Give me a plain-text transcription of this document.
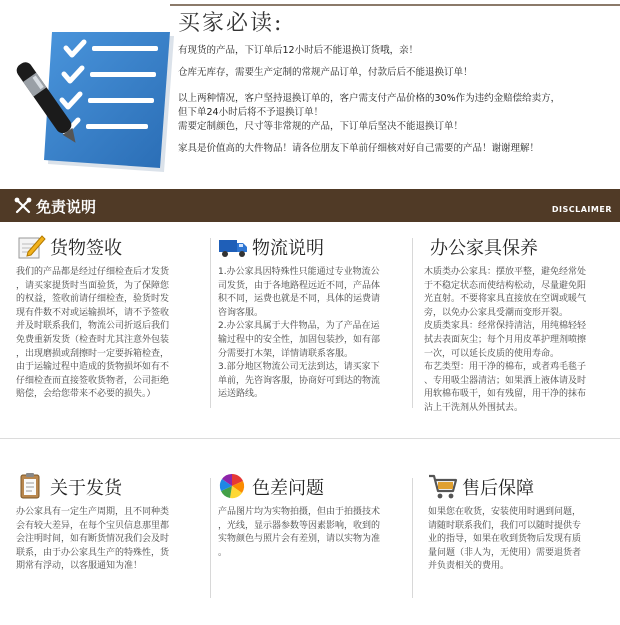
买家必读:

有现货的产品，下订单后12小时后不能退换订货哦，亲！

仓库无库存，需要生产定制的常规产品订单，付款后后不能退换订单！

以上两种情况，客户坚持退换订单的，客户需支付产品价格的30%作为违约金赔偿给卖方，

但下单24小时后将不予退换订单！

需要定制颜色，尺寸等非常规的产品，下订单后坚决不能退换订单！

家具是价值高的大件物品！请各位朋友下单前仔细核对好自己需要的产品！谢谢理解！

免责说明	DISCLAIMER
货物签收

我们的产品都是经过仔细检查后才发货

，请买家提货时当面验货，为了保障您

的权益，签收前请仔细检查，验货时发

现有件数不对或运输损坏，请不予签收

并及时联系我们，物流公司折返后我们

免费重新发货（检查时尤其注意外包装

，出现磨损或刮擦时一定要拆箱检查，

由于运输过程中造成的货物损坏如有不

仔细检查而直接签收货物者，公司拒绝

赔偿，会给您带来不必要的损失。）

物流说明

1.办公家具因特殊性只能通过专业物流公

司发货，由于各地路程远近不同，产品体

积不同，运费也就是不同，具体的运费请

咨询客服。

2.办公家具属于大件物品，为了产品在运

输过程中的安全性，加固包装抄，如有部

分需要打木架，详情请联系客服。

3.部分地区物流公司无法到达，请买家下

单前，先咨询客服，协商好可到达的物流

运送路线。

办公家具保养

木质类办公家具：摆放平整，避免经常处

于不稳定状态而使结构松动，尽量避免阳

光直射。不要将家具直接放在空调或暖气

旁，以免办公家具受潮而变形开裂。

皮质类家具：经常保持清洁，用纯棉轻轻

拭去表面灰尘；每个月用皮革护理剂喷擦

一次，可以延长皮质的使用寿命。

布艺类型：用干净的棉布，或者鸡毛毯子

、专用吸尘器清洁；如果洒上液体请及时

用软棉布吸干，如有残留，用干净的抹布

沾上干洗剂从外围拭去。

关于发货

办公家具有一定生产周期，且不同种类

会有较大差异，在每个宝贝信息那里都

会注明时间，如有断货情况我们会及时

联系，由于办公家具生产的特殊性，货

期常有浮动，以客服通知为准！

色差问题

产品图片均为实物拍摄，但由于拍摄技术

，光线，显示器参数等因素影响，收到的

实物颜色与照片会有差别，请以实物为准

。

售后保障

如果您在收货，安装使用时遇到问题，

请随时联系我们，我们可以随时提供专

业的指导，如果在收到货物后发现有质

量问题（非人为，无使用）需要退货者

并负责相关的费用。
